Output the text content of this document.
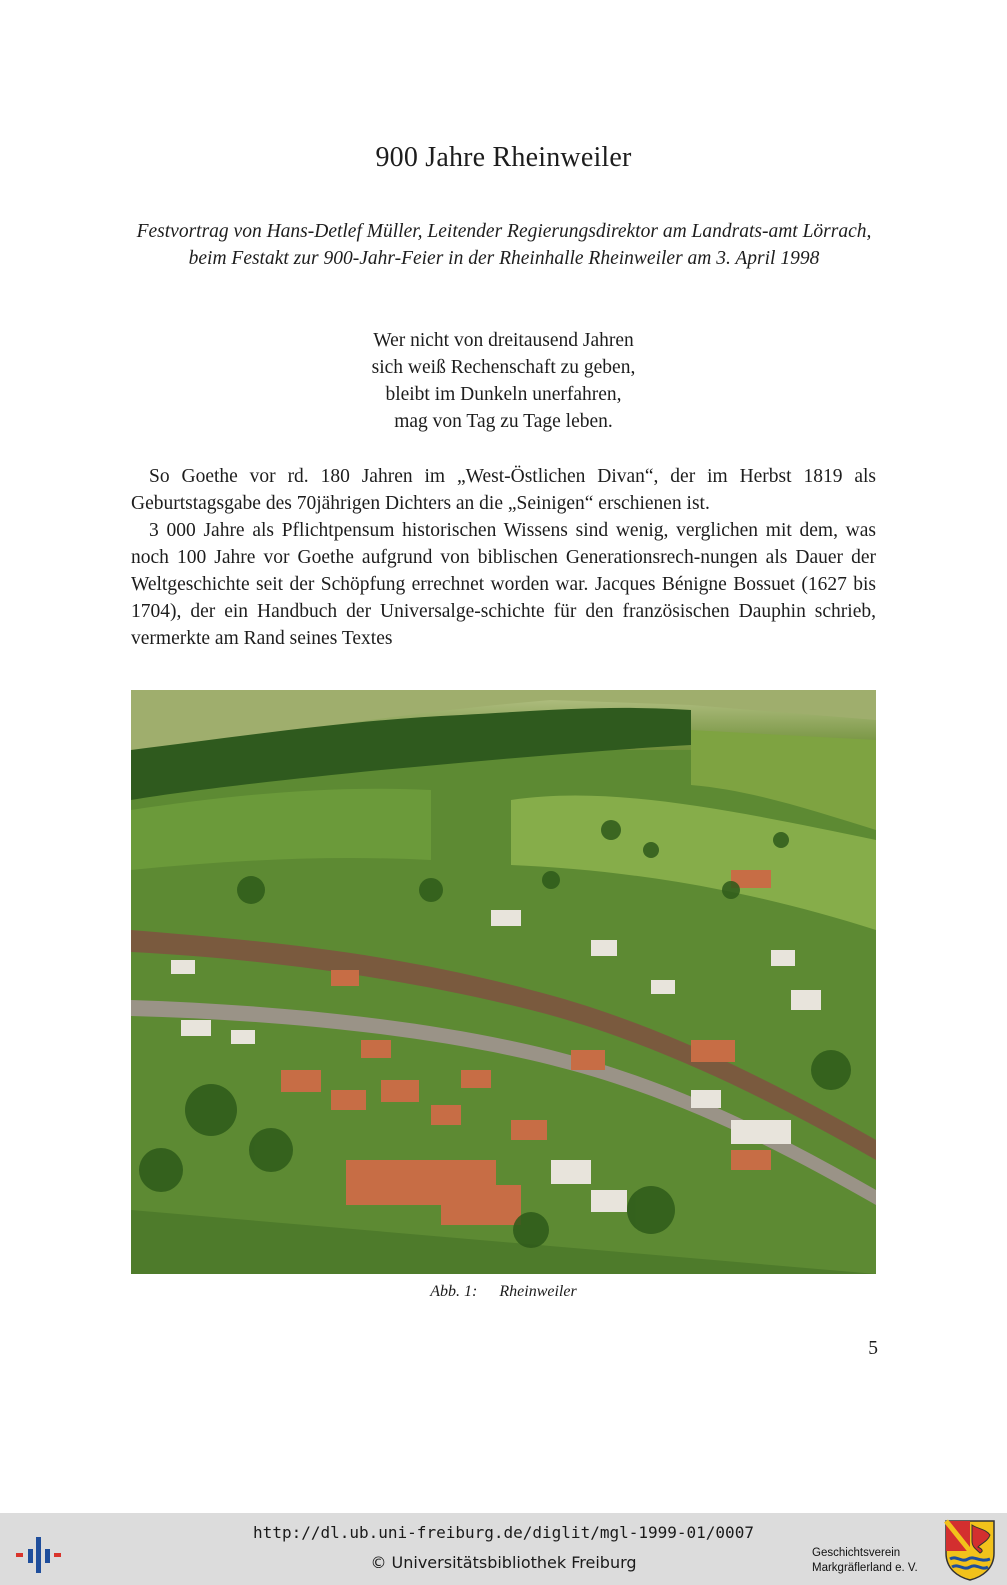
900 Jahre Rheinweiler
Festvortrag von Hans-Detlef Müller, Leitender Regierungsdirektor am Landrats-amt Lörrach, beim Festakt zur 900-Jahr-Feier in der Rheinhalle Rheinweiler am 3. April 1998
Wer nicht von dreitausend Jahren
sich weiß Rechenschaft zu geben,
bleibt im Dunkeln unerfahren,
mag von Tag zu Tage leben.

So Goethe vor rd. 180 Jahren im „West-Östlichen Divan“, der im Herbst 1819 als Geburtstagsgabe des 70jährigen Dichters an die „Seinigen“ erschienen ist.

3 000 Jahre als Pflichtpensum historischen Wissens sind wenig, verglichen mit dem, was noch 100 Jahre vor Goethe aufgrund von biblischen Generationsrech-nungen als Dauer der Weltgeschichte seit der Schöpfung errechnet worden war. Jacques Bénigne Bossuet (1627 bis 1704), der ein Handbuch der Universalge-schichte für den französischen Dauphin schrieb, vermerkte am Rand seines Textes

Abb. 1: Rheinweiler
5
http://dl.ub.uni-freiburg.de/diglit/mgl-1999-01/0007
© Universitätsbibliothek Freiburg	Geschichtsverein
Markgräflerland e. V.
